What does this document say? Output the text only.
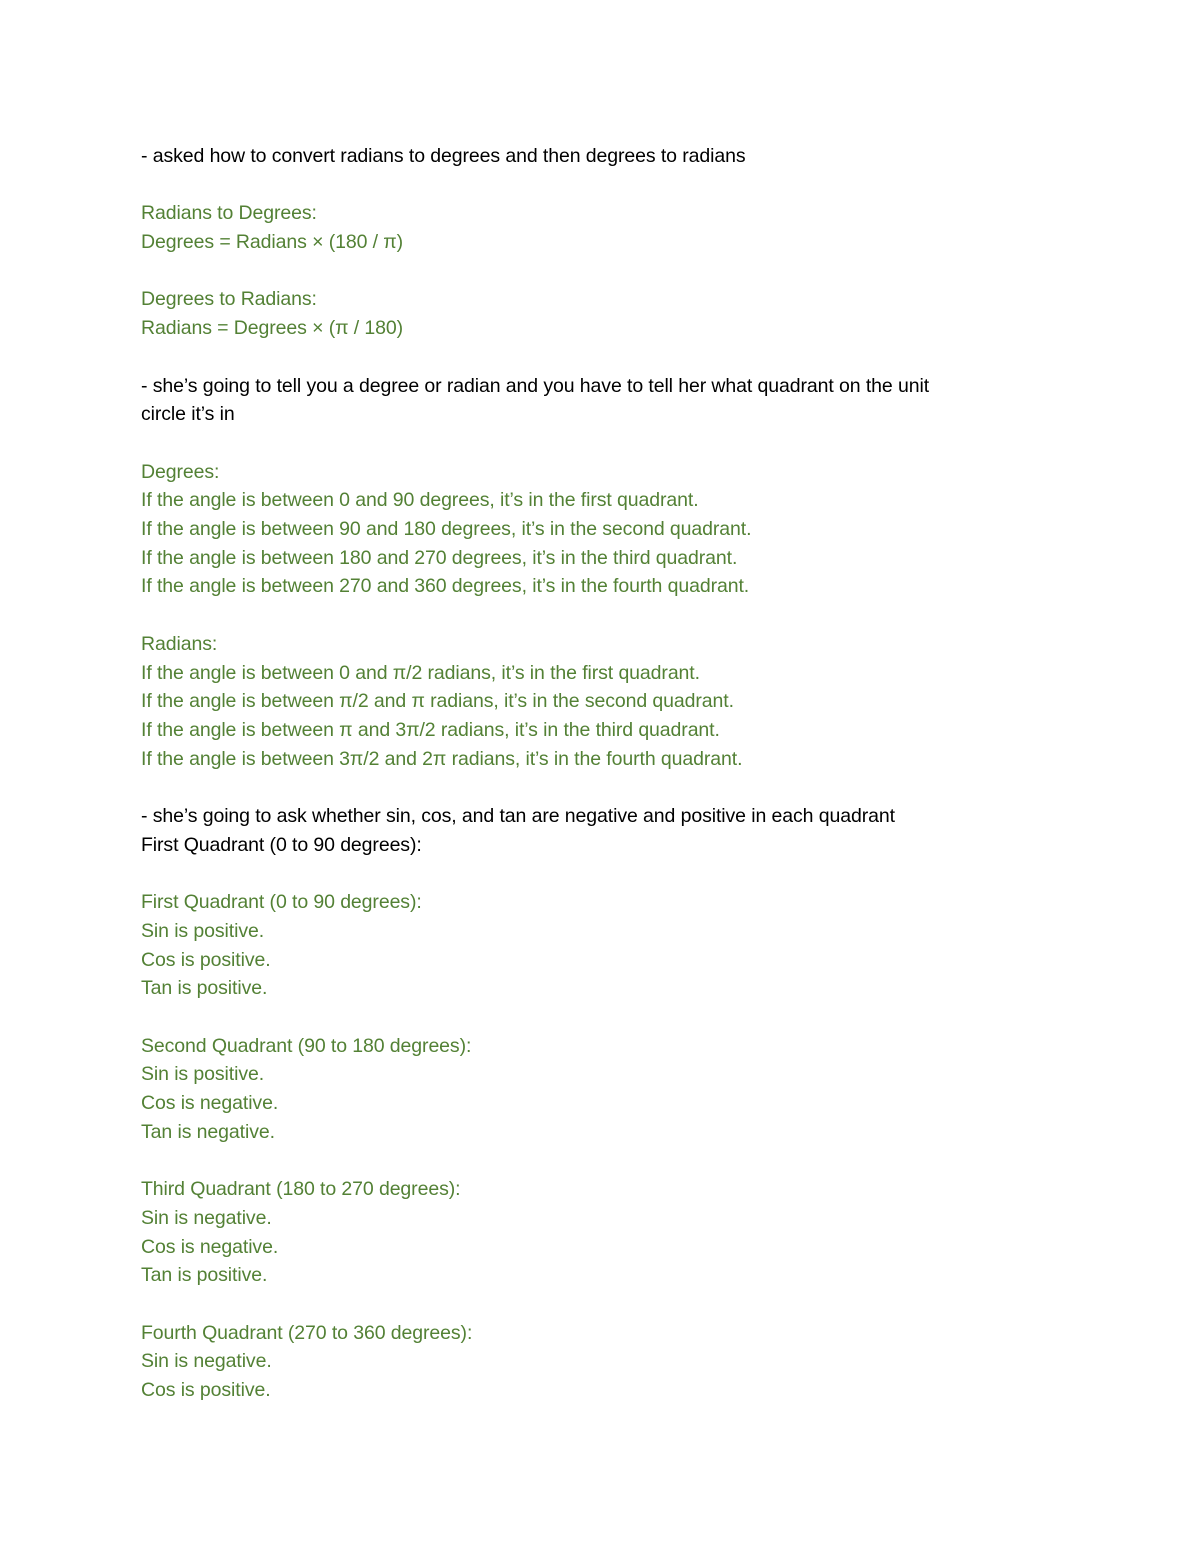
- asked how to convert radians to degrees and then degrees to radians
Radians to Degrees:
Degrees = Radians × (180 / π)
Degrees to Radians:
Radians = Degrees × (π / 180)
- she’s going to tell you a degree or radian and you have to tell her what quadrant on the unit
circle it’s in
Degrees:
If the angle is between 0 and 90 degrees, it’s in the first quadrant.
If the angle is between 90 and 180 degrees, it’s in the second quadrant.
If the angle is between 180 and 270 degrees, it’s in the third quadrant.
If the angle is between 270 and 360 degrees, it’s in the fourth quadrant.
Radians:
If the angle is between 0 and π/2 radians, it’s in the first quadrant.
If the angle is between π/2 and π radians, it’s in the second quadrant.
If the angle is between π and 3π/2 radians, it’s in the third quadrant.
If the angle is between 3π/2 and 2π radians, it’s in the fourth quadrant.
- she’s going to ask whether sin, cos, and tan are negative and positive in each quadrant
First Quadrant (0 to 90 degrees):
First Quadrant (0 to 90 degrees):
Sin is positive.
Cos is positive.
Tan is positive.
Second Quadrant (90 to 180 degrees):
Sin is positive.
Cos is negative.
Tan is negative.
Third Quadrant (180 to 270 degrees):
Sin is negative.
Cos is negative.
Tan is positive.
Fourth Quadrant (270 to 360 degrees):
Sin is negative.
Cos is positive.
